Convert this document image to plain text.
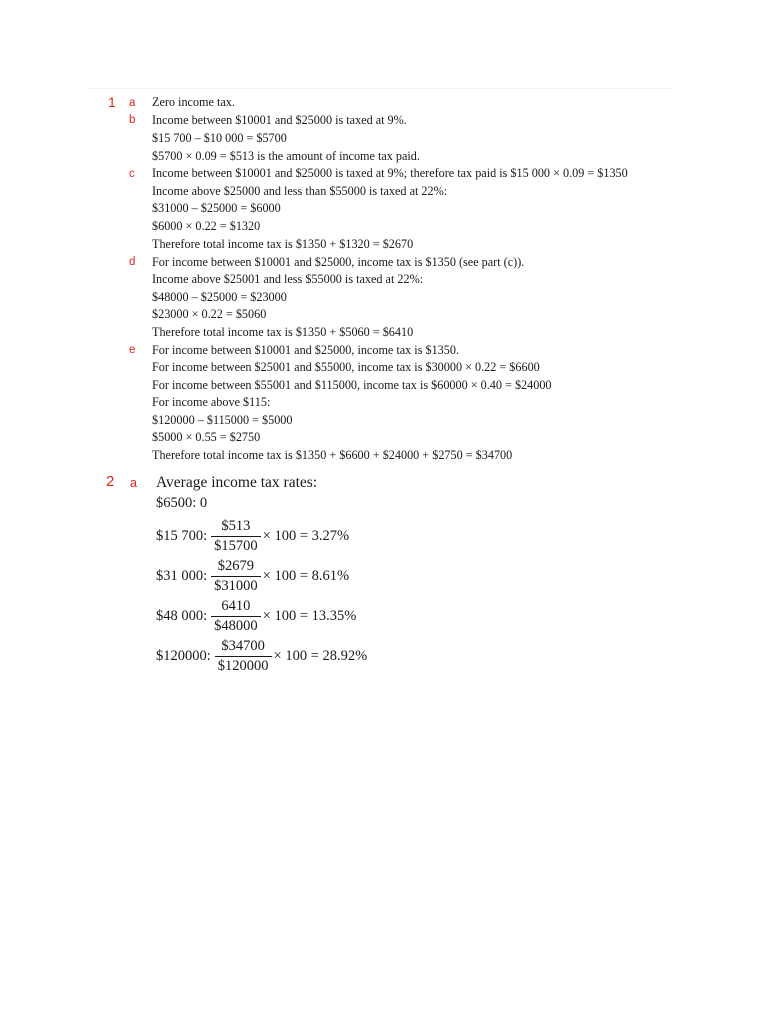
1 a Zero income tax.
b Income between $10001 and $25000 is taxed at 9%.
$15 700 – $10 000 = $5700
$5700 × 0.09 = $513 is the amount of income tax paid.
c Income between $10001 and $25000 is taxed at 9%; therefore tax paid is $15 000 × 0.09 = $1350
Income above $25000 and less than $55000 is taxed at 22%:
$31000 – $25000 = $6000
$6000 × 0.22 = $1320
Therefore total income tax is $1350 + $1320 = $2670
d For income between $10001 and $25000, income tax is $1350 (see part (c)).
Income above $25001 and less $55000 is taxed at 22%:
$48000 – $25000 = $23000
$23000 × 0.22 = $5060
Therefore total income tax is $1350 + $5060 = $6410
e For income between $10001 and $25000, income tax is $1350.
For income between $25001 and $55000, income tax is $30000 × 0.22 = $6600
For income between $55001 and $115000, income tax is $60000 × 0.40 = $24000
For income above $115:
$120000 – $115000 = $5000
$5000 × 0.55 = $2750
Therefore total income tax is $1350 + $6600 + $24000 + $2750 = $34700
2 a Average income tax rates:
$6500: 0
$15 700: $\frac{\$513}{\$15700} \times 100 = 3.27\%$
$31 000: $\frac{\$2679}{\$31000} \times 100 = 8.61\%$
$48 000: $\frac{6410}{\$48000} \times 100 = 13.35\%$
$120000: $\frac{\$34700}{\$120000} \times 100 = 28.92\%$
